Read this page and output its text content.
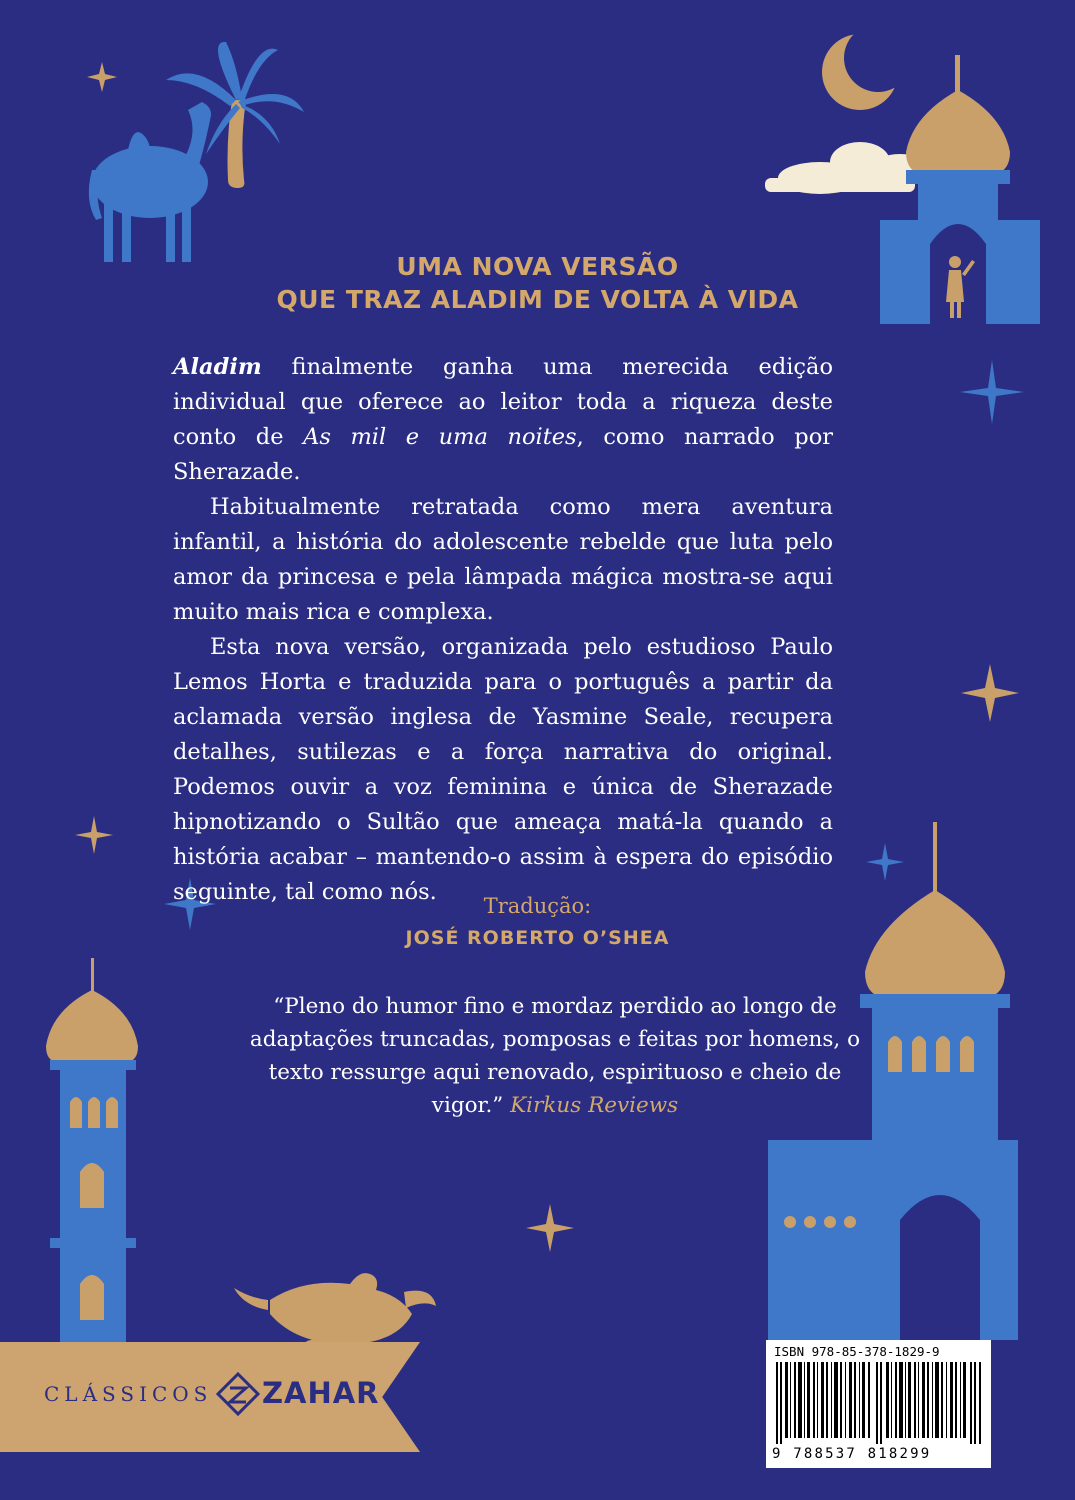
UMA NOVA VERSÃO
QUE TRAZ ALADIM DE VOLTA À VIDA

Aladim finalmente ganha uma merecida edição individual que oferece ao leitor toda a riqueza deste conto de As mil e uma noites, como narrado por Sherazade.

Habitualmente retratada como mera aventura infantil, a história do adolescente rebelde que luta pelo amor da princesa e pela lâmpada mágica mostra-se aqui muito mais rica e complexa.

Esta nova versão, organizada pelo estudioso Paulo Lemos Horta e traduzida para o português a partir da aclamada versão inglesa de Yasmine Seale, recupera detalhes, sutilezas e a força narrativa do original. Podemos ouvir a voz feminina e única de Sherazade hipnotizando o Sultão que ameaça matá-la quando a história acabar – mantendo-o assim à espera do episódio seguinte, tal como nós.

Tradução:
JOSÉ ROBERTO O’SHEA
“Pleno do humor fino e mordaz perdido ao longo de adaptações truncadas, pomposas e feitas por homens, o texto ressurge aqui renovado, espirituoso e cheio de vigor.” Kirkus Reviews
CLÁSSICOS ZAHAR
ISBN 978-85-378-1829-9
9 788537 818299
